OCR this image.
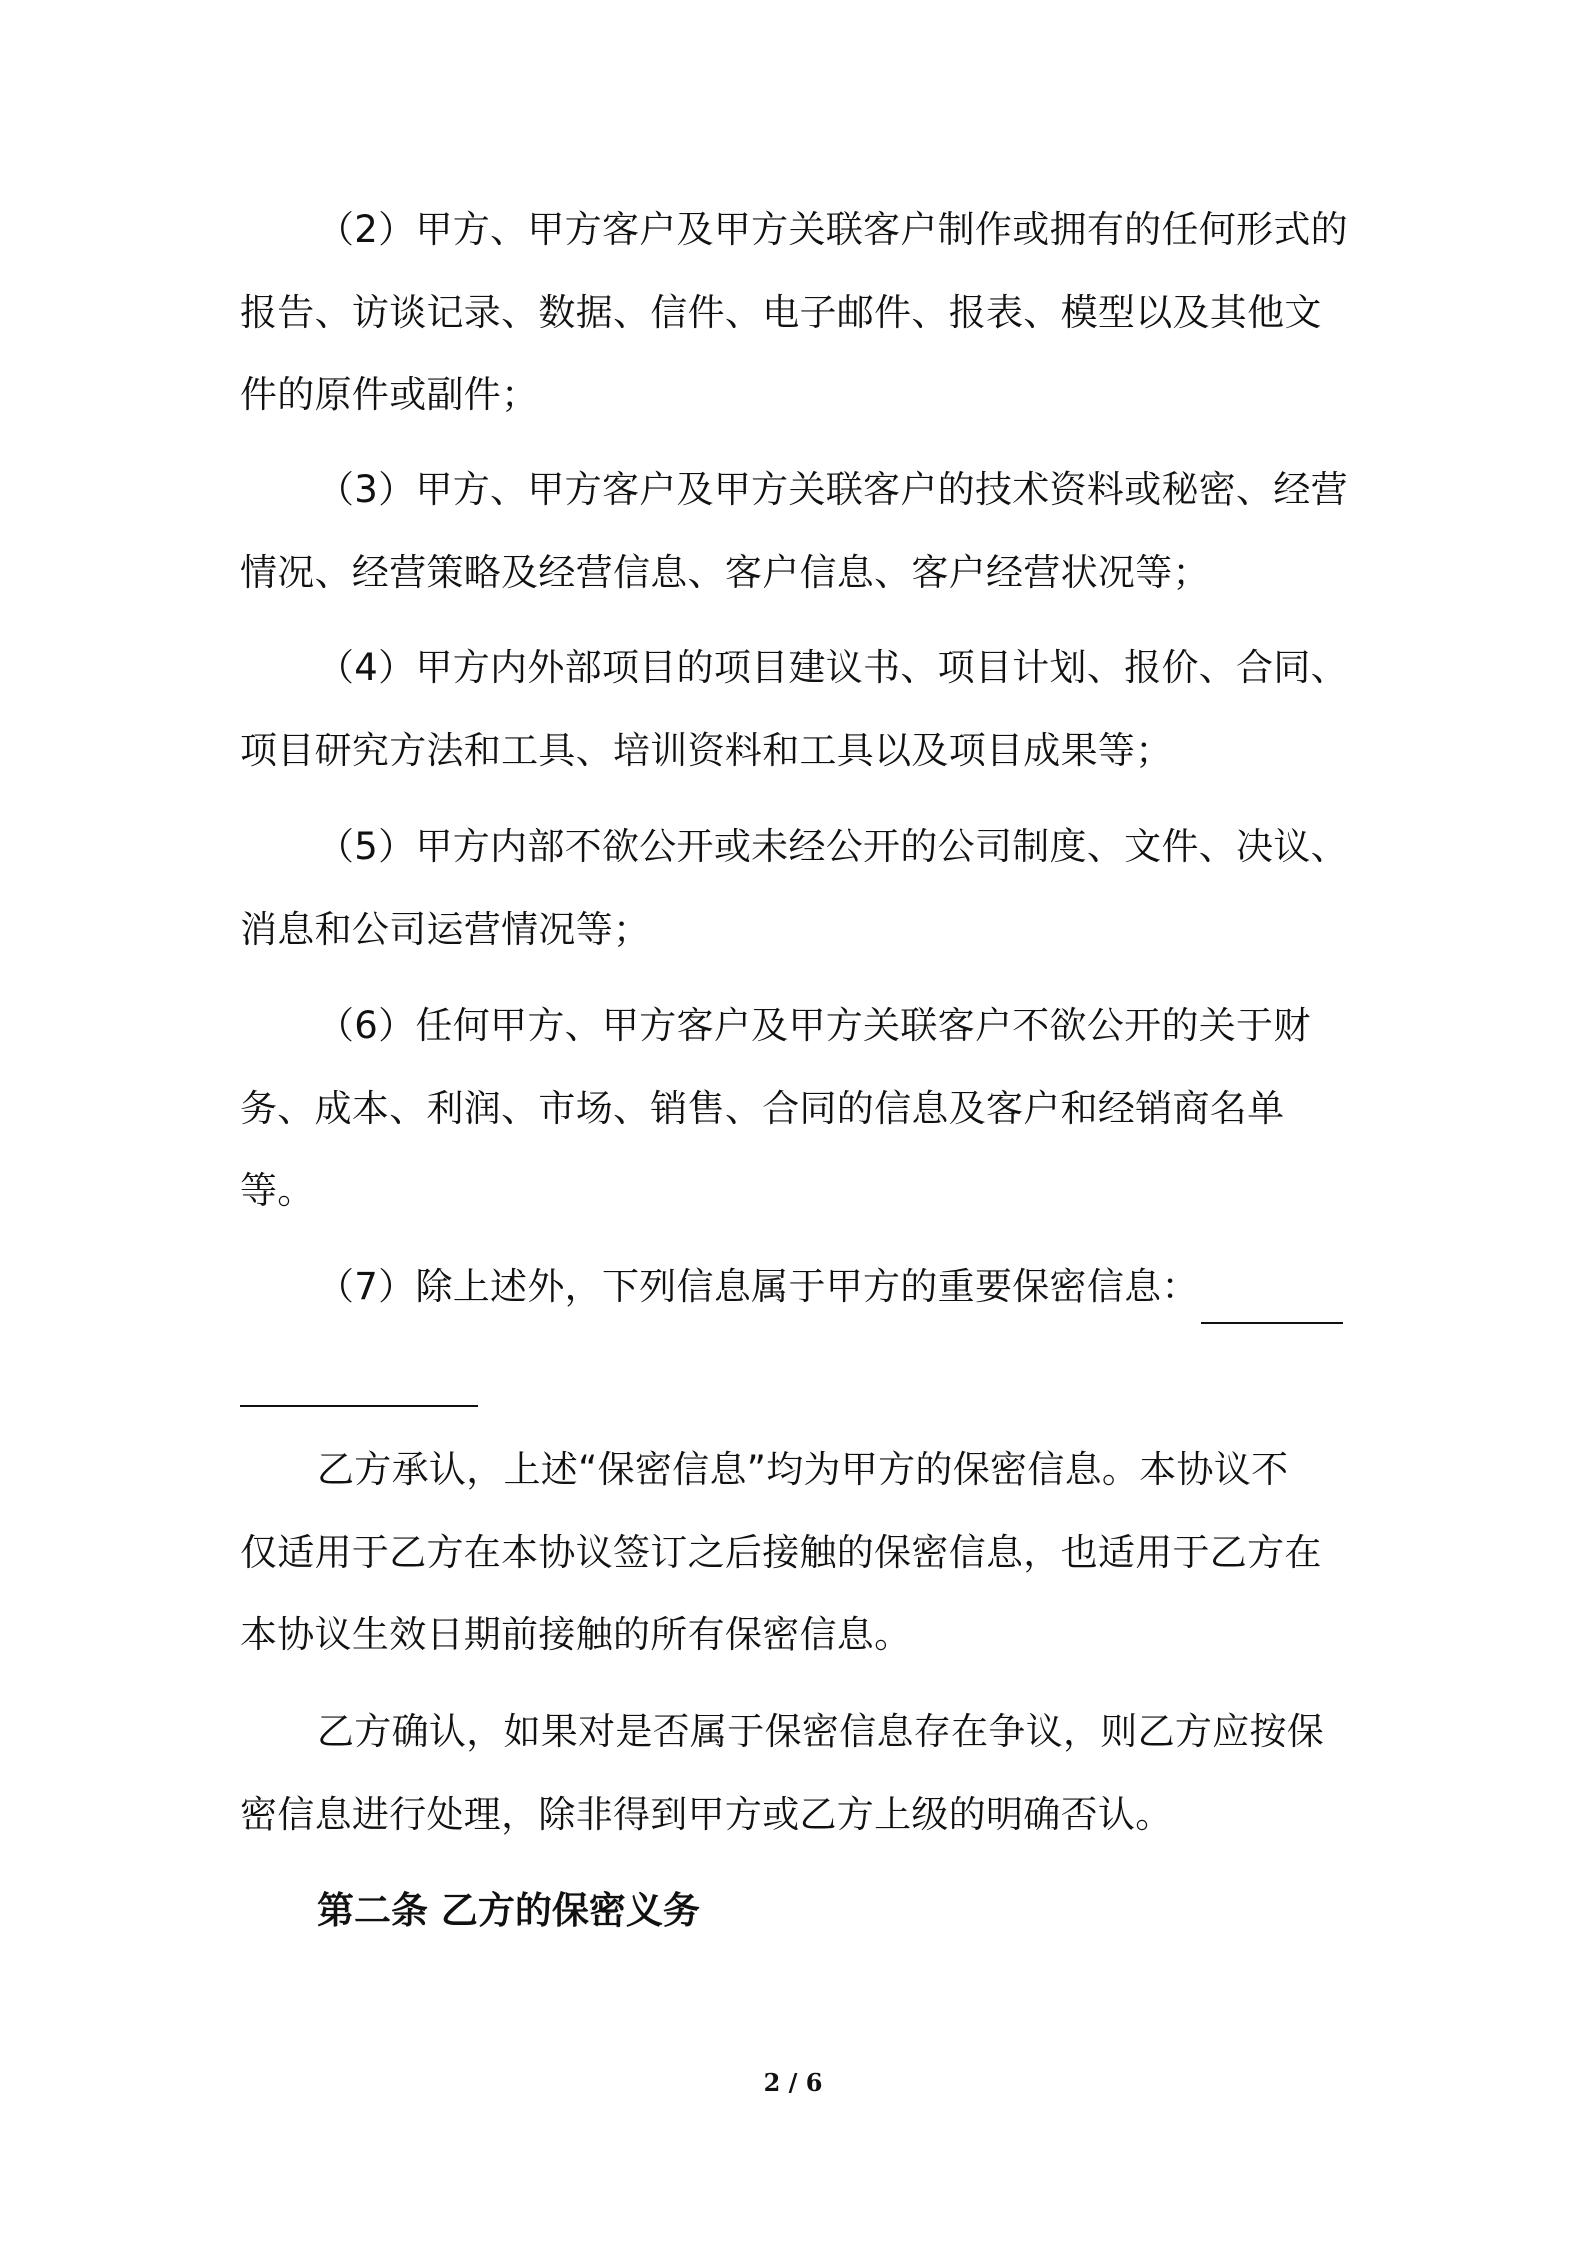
（2）甲方、甲方客户及甲方关联客户制作或拥有的任何形式的
报告、访谈记录、数据、信件、电子邮件、报表、模型以及其他文
件的原件或副件；
（3）甲方、甲方客户及甲方关联客户的技术资料或秘密、经营
情况、经营策略及经营信息、客户信息、客户经营状况等；
（4）甲方内外部项目的项目建议书、项目计划、报价、合同、
项目研究方法和工具、培训资料和工具以及项目成果等；
（5）甲方内部不欲公开或未经公开的公司制度、文件、决议、
消息和公司运营情况等；
（6）任何甲方、甲方客户及甲方关联客户不欲公开的关于财
务、成本、利润、市场、销售、合同的信息及客户和经销商名单
等。
（7）除上述外，下列信息属于甲方的重要保密信息：
乙方承认，上述“保密信息”均为甲方的保密信息。本协议不
仅适用于乙方在本协议签订之后接触的保密信息，也适用于乙方在
本协议生效日期前接触的所有保密信息。
乙方确认，如果对是否属于保密信息存在争议，则乙方应按保
密信息进行处理，除非得到甲方或乙方上级的明确否认。
第二条 乙方的保密义务
2 / 6
